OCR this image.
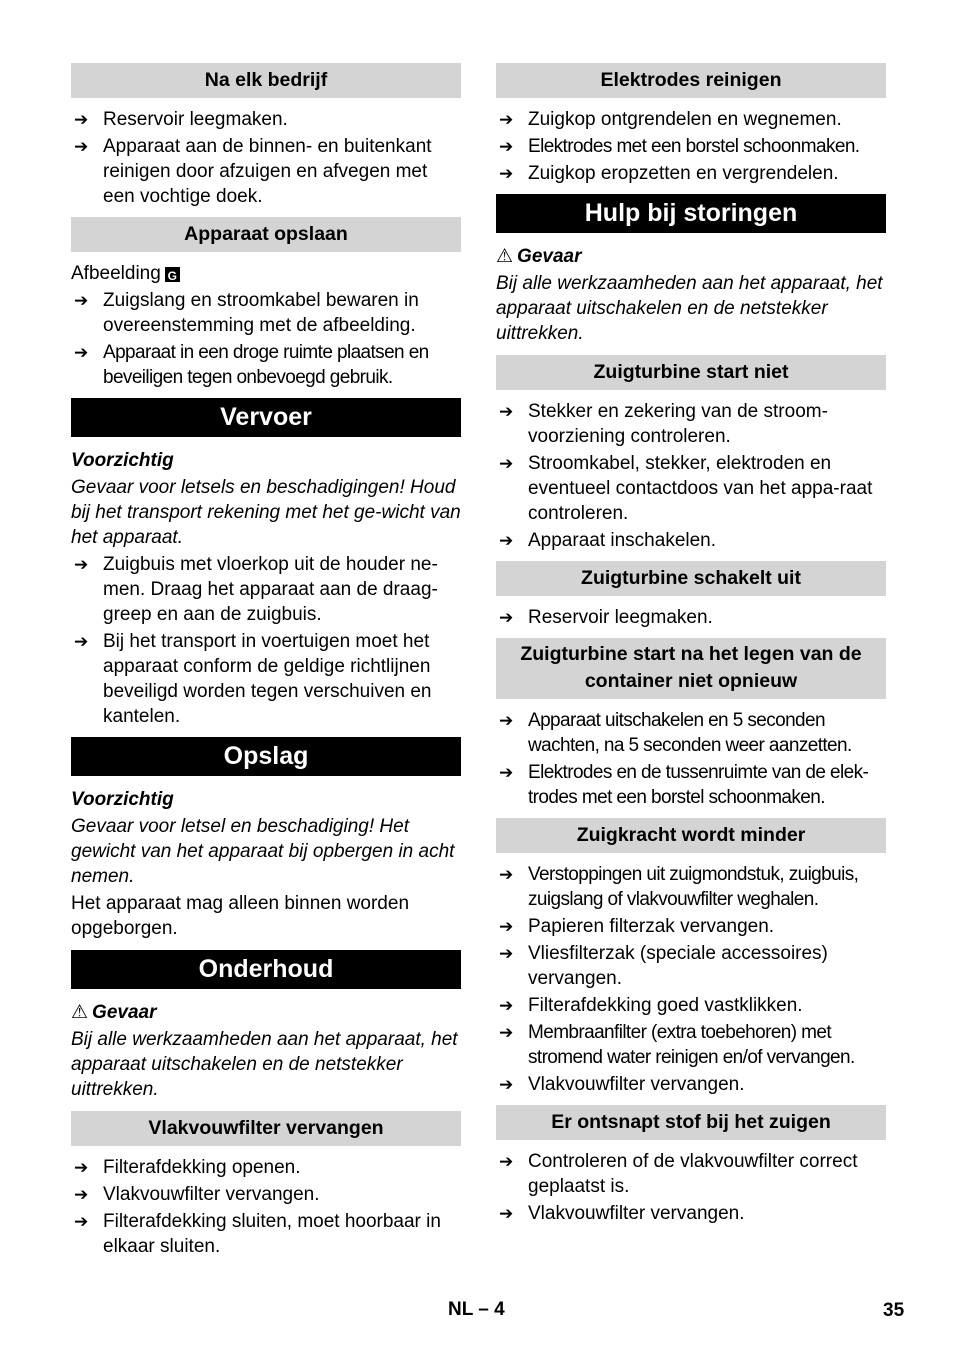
Na elk bedrijf
➔ Reservoir leegmaken.
➔ Apparaat aan de binnen- en buitenkant reinigen door afzuigen en afvegen met een vochtige doek.
Apparaat opslaan
Afbeelding G
➔ Zuigslang en stroomkabel bewaren in overeenstemming met de afbeelding.
➔ Apparaat in een droge ruimte plaatsen en beveiligen tegen onbevoegd gebruik.
Vervoer
Voorzichtig
Gevaar voor letsels en beschadigingen! Houd bij het transport rekening met het ge-wicht van het apparaat.
➔ Zuigbuis met vloerkop uit de houder ne-men. Draag het apparaat aan de draag-greep en aan de zuigbuis.
➔ Bij het transport in voertuigen moet het apparaat conform de geldige richtlijnen beveiligd worden tegen verschuiven en kantelen.
Opslag
Voorzichtig
Gevaar voor letsel en beschadiging! Het gewicht van het apparaat bij opbergen in acht nemen.
Het apparaat mag alleen binnen worden opgeborgen.
Onderhoud
⚠ Gevaar
Bij alle werkzaamheden aan het apparaat, het apparaat uitschakelen en de netstekker uittrekken.
Vlakvouwfilter vervangen
➔ Filterafdekking openen.
➔ Vlakvouwfilter vervangen.
➔ Filterafdekking sluiten, moet hoorbaar in elkaar sluiten.
Elektrodes reinigen
➔ Zuigkop ontgrendelen en wegnemen.
➔ Elektrodes met een borstel schoonmaken.
➔ Zuigkop eropzetten en vergrendelen.
Hulp bij storingen
⚠ Gevaar
Bij alle werkzaamheden aan het apparaat, het apparaat uitschakelen en de netstekker uittrekken.
Zuigturbine start niet
➔ Stekker en zekering van de stroom-voorziening controleren.
➔ Stroomkabel, stekker, elektroden en eventueel contactdoos van het appa-raat controleren.
➔ Apparaat inschakelen.
Zuigturbine schakelt uit
➔ Reservoir leegmaken.
Zuigturbine start na het legen van de container niet opnieuw
➔ Apparaat uitschakelen en 5 seconden wachten, na 5 seconden weer aanzetten.
➔ Elektrodes en de tussenruimte van de elek-trodes met een borstel schoonmaken.
Zuigkracht wordt minder
➔ Verstoppingen uit zuigmondstuk, zuigbuis, zuigslang of vlakvouwfilter weghalen.
➔ Papieren filterzak vervangen.
➔ Vliesfilterzak (speciale accessoires) vervangen.
➔ Filterafdekking goed vastklikken.
➔ Membraanfilter (extra toebehoren) met stromend water reinigen en/of vervangen.
➔ Vlakvouwfilter vervangen.
Er ontsnapt stof bij het zuigen
➔ Controleren of de vlakvouwfilter correct geplaatst is.
➔ Vlakvouwfilter vervangen.
NL – 4	35
